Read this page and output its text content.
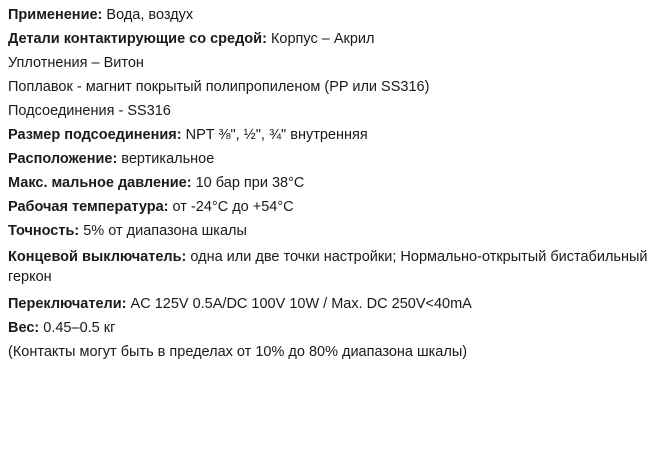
Применение: Вода, воздух
Детали контактирующие со средой: Корпус – Акрил
Уплотнения – Витон
Поплавок - магнит покрытый полипропиленом (PP или SS316)
Подсоединения - SS316
Размер подсоединения: NPT ⅜", ½", ¾" внутренняя
Расположение: вертикальное
Макс. мальное давление: 10 бар при 38°С
Рабочая температура: от -24°С до +54°С
Точность: 5% от диапазона шкалы
Концевой выключатель: одна или две точки настройки; Нормально-открытый бистабильный геркон
Переключатели: AC 125V 0.5A/DC 100V 10W / Max. DC 250V<40mA
Вес: 0.45–0.5 кг
(Контакты могут быть в пределах от 10% до 80% диапазона шкалы)
